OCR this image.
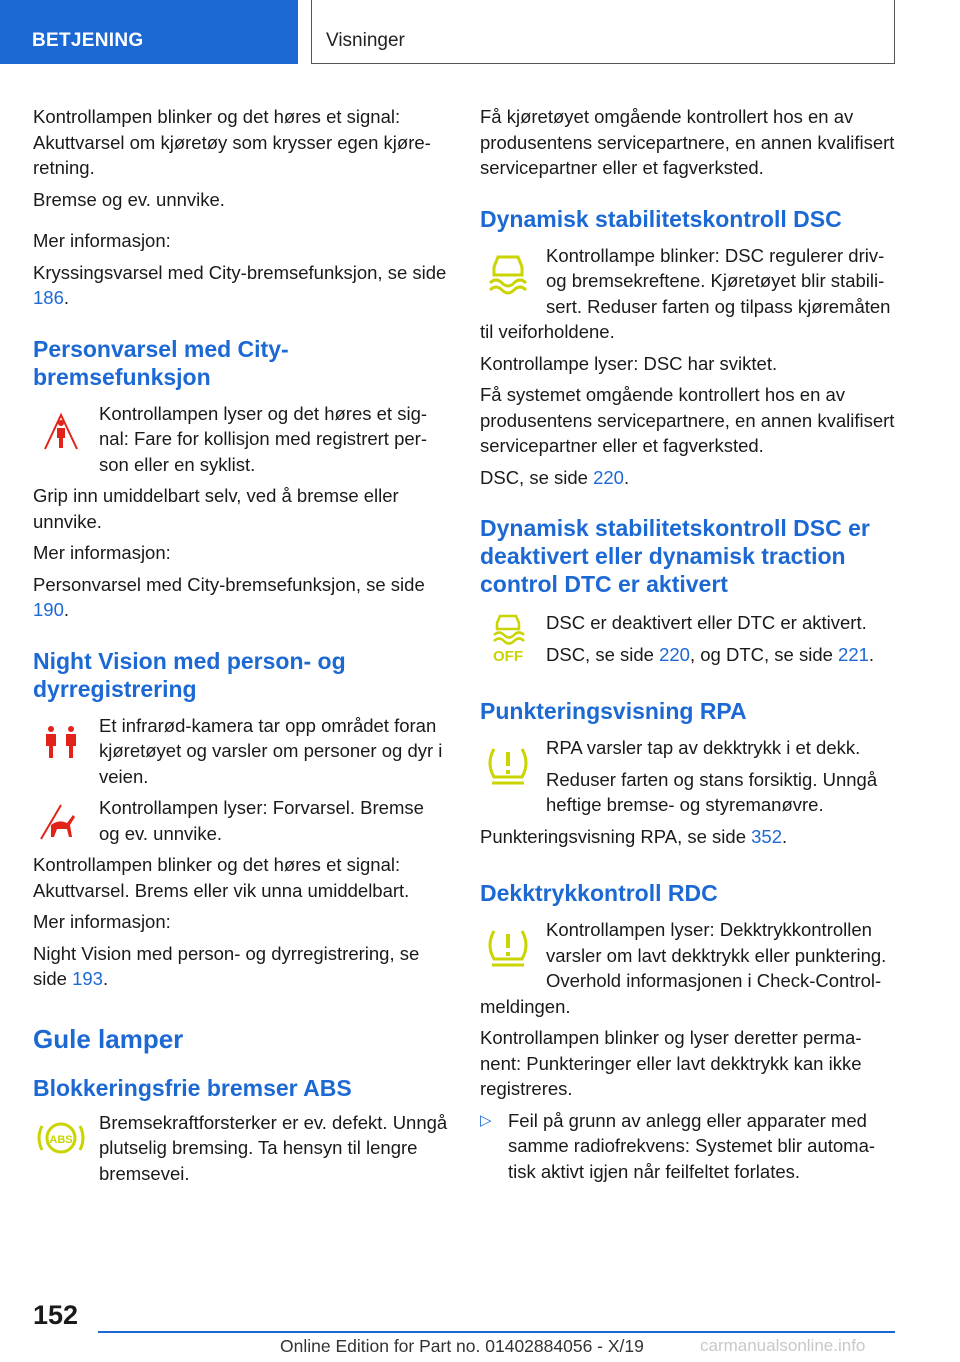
BETJENING	Visninger

Kontrollampen blinker og det høres et signal: Akuttvarsel om kjøretøy som krysser egen kjøreretning.

Bremse og ev. unnvike.

Mer informasjon:

Kryssingsvarsel med City-bremsefunksjon, se side 186.

Personvarsel med City-bremsefunksjon

Kontrollampen lyser og det høres et signal: Fare for kollisjon med registrert person eller en syklist.

Grip inn umiddelbart selv, ved å bremse eller unnvike.

Mer informasjon:

Personvarsel med City-bremsefunksjon, se side 190.

Night Vision med person- og dyrregistrering

Et infrarød-kamera tar opp området foran kjøretøyet og varsler om personer og dyr i veien.

Kontrollampen lyser: Forvarsel. Bremse og ev. unnvike.

Kontrollampen blinker og det høres et signal: Akuttvarsel. Brems eller vik unna umiddelbart.

Mer informasjon:

Night Vision med person- og dyrregistrering, se side 193.

Gule lamper
Blokkeringsfrie bremser ABS
ABS

Bremsekraftforsterker er ev. defekt. Unngå plutselig bremsing. Ta hensyn til lengre bremsevei.

Få kjøretøyet omgående kontrollert hos en av produsentens servicepartnere, en annen kvalifisert servicepartner eller et fagverksted.

Dynamisk stabilitetskontroll DSC

Kontrollampe blinker: DSC regulerer driv- og bremsekreftene. Kjøretøyet blir stabilisert. Reduser farten og tilpass kjøremåten til veiforholdene.

Kontrollampe lyser: DSC har sviktet.

Få systemet omgående kontrollert hos en av produsentens servicepartnere, en annen kvalifisert servicepartner eller et fagverksted.

DSC, se side 220.

Dynamisk stabilitetskontroll DSC er deaktivert eller dynamisk traction control DTC er aktivert
OFF

DSC er deaktivert eller DTC er aktivert.

DSC, se side 220, og DTC, se side 221.

Punkteringsvisning RPA

RPA varsler tap av dekktrykk i et dekk.

Reduser farten og stans forsiktig. Unngå heftige bremse- og styremanøvre.

Punkteringsvisning RPA, se side 352.

Dekktrykkontroll RDC

Kontrollampen lyser: Dekktrykkontrollen varsler om lavt dekktrykk eller punktering. Overhold informasjonen i Check-Control-meldingen.

Kontrollampen blinker og lyser deretter permanent: Punkteringer eller lavt dekktrykk kan ikke registreres.

▷ Feil på grunn av anlegg eller apparater med samme radiofrekvens: Systemet blir automatisk aktivt igjen når feilfeltet forlates.
152
Online Edition for Part no. 01402884056 - X/19	carmanualsonline.info
